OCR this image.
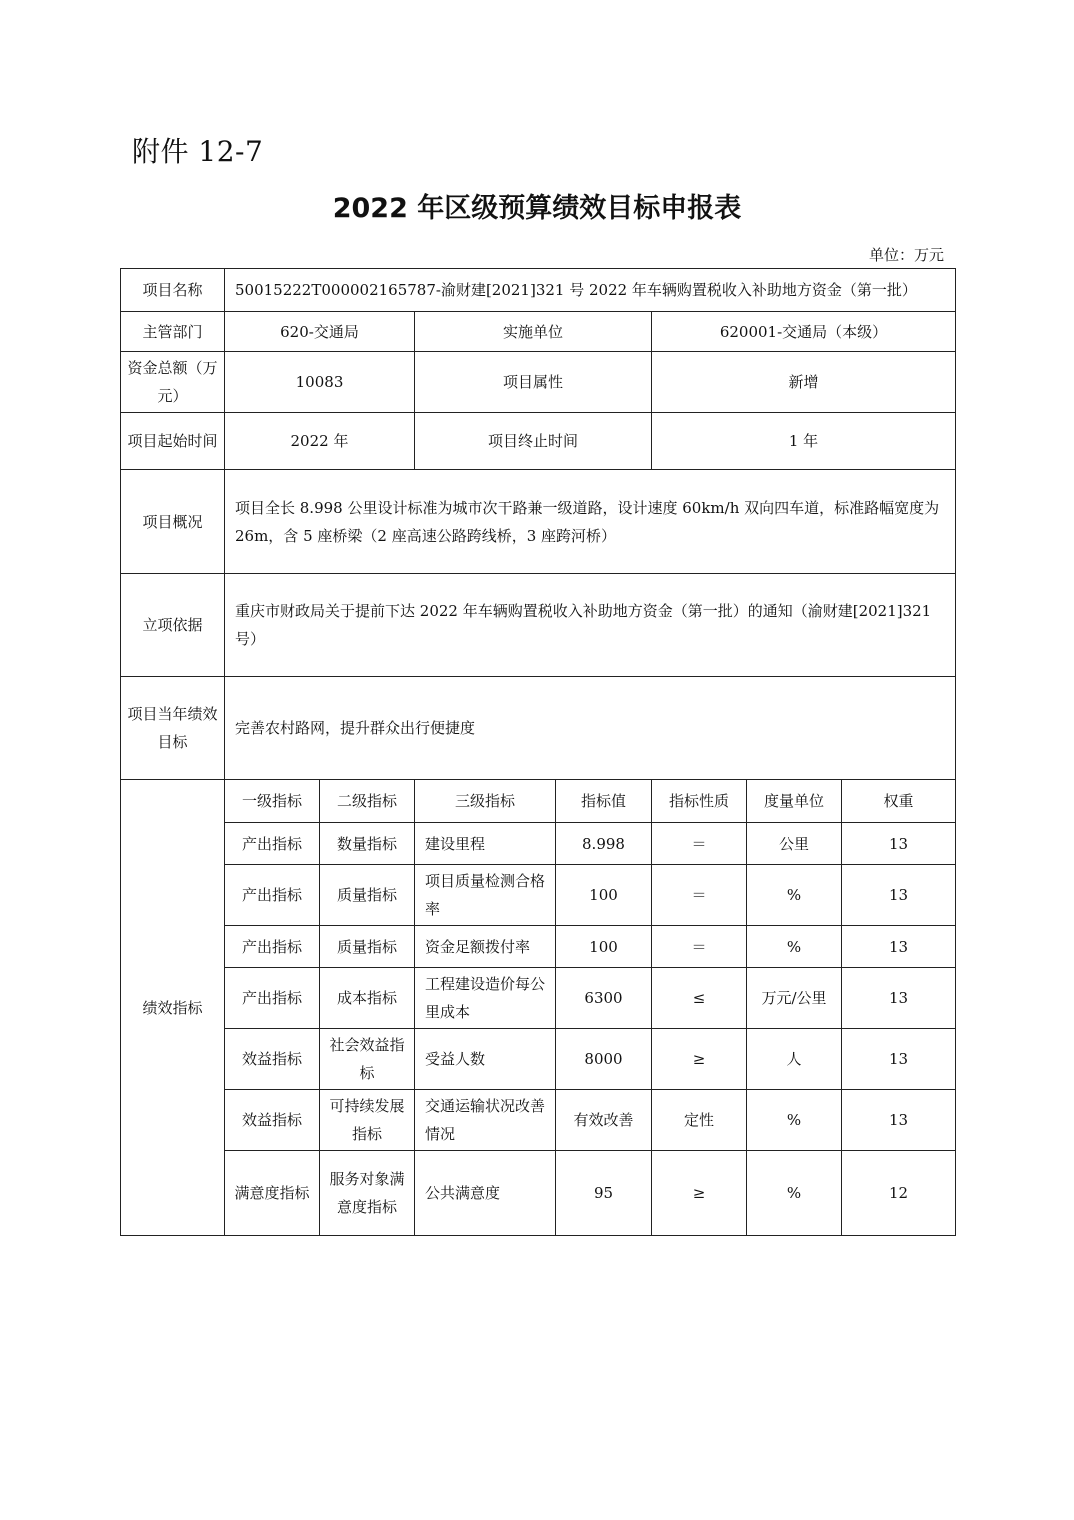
附件 12-7
2022 年区级预算绩效目标申报表
单位：万元
项目名称	50015222T000002165787-渝财建[2021]321 号 2022 年车辆购置税收入补助地方资金（第一批）						
主管部门	620-交通局		实施单位		620001-交通局（本级）		
资金总额（万元）	10083		项目属性		新增		
项目起始时间	2022 年		项目终止时间		1 年		
项目概况	项目全长 8.998 公里设计标准为城市次干路兼一级道路，设计速度 60km/h 双向四车道，标准路幅宽度为 26m，含 5 座桥梁（2 座高速公路跨线桥，3 座跨河桥）						
立项依据	重庆市财政局关于提前下达 2022 年车辆购置税收入补助地方资金（第一批）的通知（渝财建[2021]321 号）						
项目当年绩效目标	完善农村路网，提升群众出行便捷度						
绩效指标	一级指标	二级指标	三级指标	指标值	指标性质	度量单位	权重
	产出指标	数量指标	建设里程	8.998	＝	公里	13
	产出指标	质量指标	项目质量检测合格率	100	＝	%	13
	产出指标	质量指标	资金足额拨付率	100	＝	%	13
	产出指标	成本指标	工程建设造价每公里成本	6300	≤	万元/公里	13
	效益指标	社会效益指标	受益人数	8000	≥	人	13
	效益指标	可持续发展指标	交通运输状况改善情况	有效改善	定性	%	13
	满意度指标	服务对象满意度指标	公共满意度	95	≥	%	12
